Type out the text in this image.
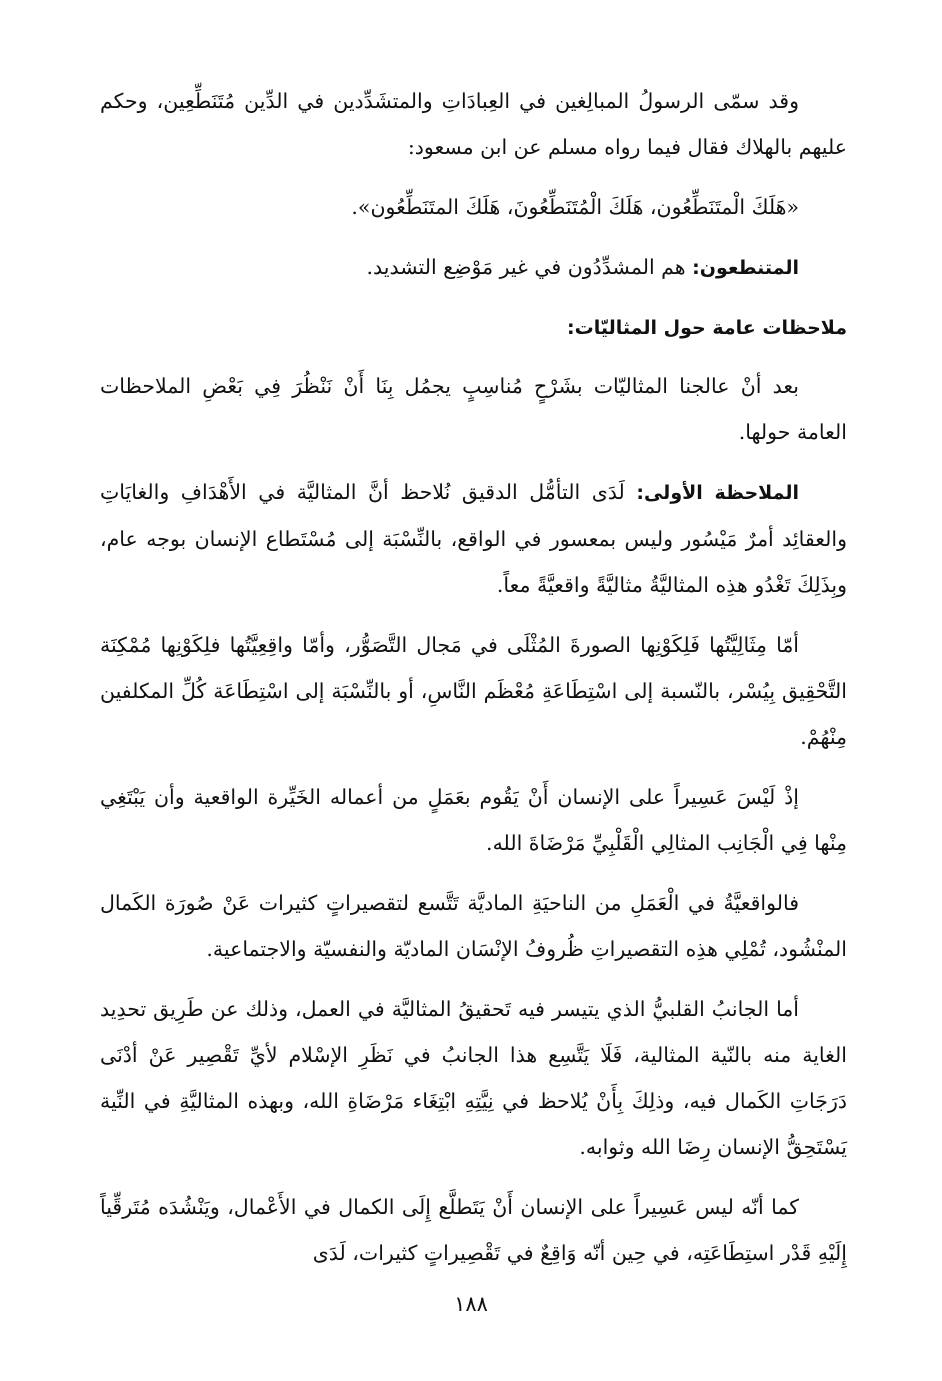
وقد سمّى الرسولُ المبالِغين في العِبادَاتِ والمتشَدِّدين في الدِّين مُتَنَطِّعِين، وحكم عليهم بالهلاك فقال فيما رواه مسلم عن ابن مسعود:

«هَلَكَ الْمتَنَطِّعُون، هَلَكَ الْمُتَنَطِّعُونَ، هَلَكَ المتَنَطِّعُون».

المتنطعون: هم المشدِّدُون في غير مَوْضِع التشديد.

ملاحظات عامة حول المثاليّات:

بعد أنْ عالجنا المثاليّات بشَرْحٍ مُناسِبٍ يجمُل بِنَا أَنْ نَنْظُرَ فِي بَعْضِ الملاحظات العامة حولها.

الملاحظة الأولى: لَدَى التأمُّل الدقيق نُلاحظ أنَّ المثاليَّة في الأَهْدَافِ والغايَاتِ والعقائِد أمرٌ مَيْسُور وليس بمعسور في الواقع، بالنِّسْبَة إلى مُسْتَطاع الإنسان بوجه عام، وبِذَلِكَ تَغْدُو هذِه المثاليَّةُ مثاليَّةً واقعيَّةً معاً.

أمّا مِثَالِيَّتُها فَلِكَوْنِها الصورةَ المُثْلَى في مَجال التَّصَوُّر، وأمّا واقِعِيَّتُها فلِكَوْنِها مُمْكِنَة التَّحْقِيق بِيُسْر، بالنّسبة إلى اسْتِطَاعَةِ مُعْظَم النَّاسِ، أو بالنِّسْبَة إلى اسْتِطَاعَة كُلِّ المكلفين مِنْهُمْ.

إذْ لَيْسَ عَسِيراً على الإنسان أَنْ يَقُوم بعَمَلٍ من أعماله الخَيِّرة الواقعية وأن يَبْتَغِي مِنْها فِي الْجَانِب المثالِي الْقَلْبِيِّ مَرْضَاةَ الله.

فالواقعيَّةُ في الْعَمَلِ من الناحيَةِ الماديَّة تَتَّسع لتقصيراتٍ كثيرات عَنْ صُورَة الكَمال المنْشُود، تُمْلِي هذِه التقصيراتِ ظُروفُ الإنْسَان الماديّة والنفسيّة والاجتماعية.

أما الجانبُ القلبيُّ الذي يتيسر فيه تَحقيقُ المثاليَّة في العمل، وذلك عن طَرِيق تحدِيد الغاية منه بالنّية المثالية، فَلَا يَتَّسِع هذا الجانبُ في نَظَرِ الإسْلام لأيِّ تَقْصِير عَنْ أدْنَى دَرَجَاتِ الكَمال فيه، وذلِكَ بِأَنْ يُلاحظ في نِيَّتِهِ ابْتِغَاء مَرْضَاةِ الله، وبهذه المثاليَّةِ في النِّية يَسْتَحِقُّ الإنسان رِضَا الله وثوابه.

كما أنّه ليس عَسِيراً على الإنسان أَنْ يَتَطلَّع إِلَى الكمال في الأَعْمال، ويَنْشُدَه مُتَرقِّياً إِلَيْهِ قَدْر استِطَاعَتِه، في حِين أنّه وَاقِعٌ في تَقْصِيراتٍ كثيرات، لَدَى

١٨٨
